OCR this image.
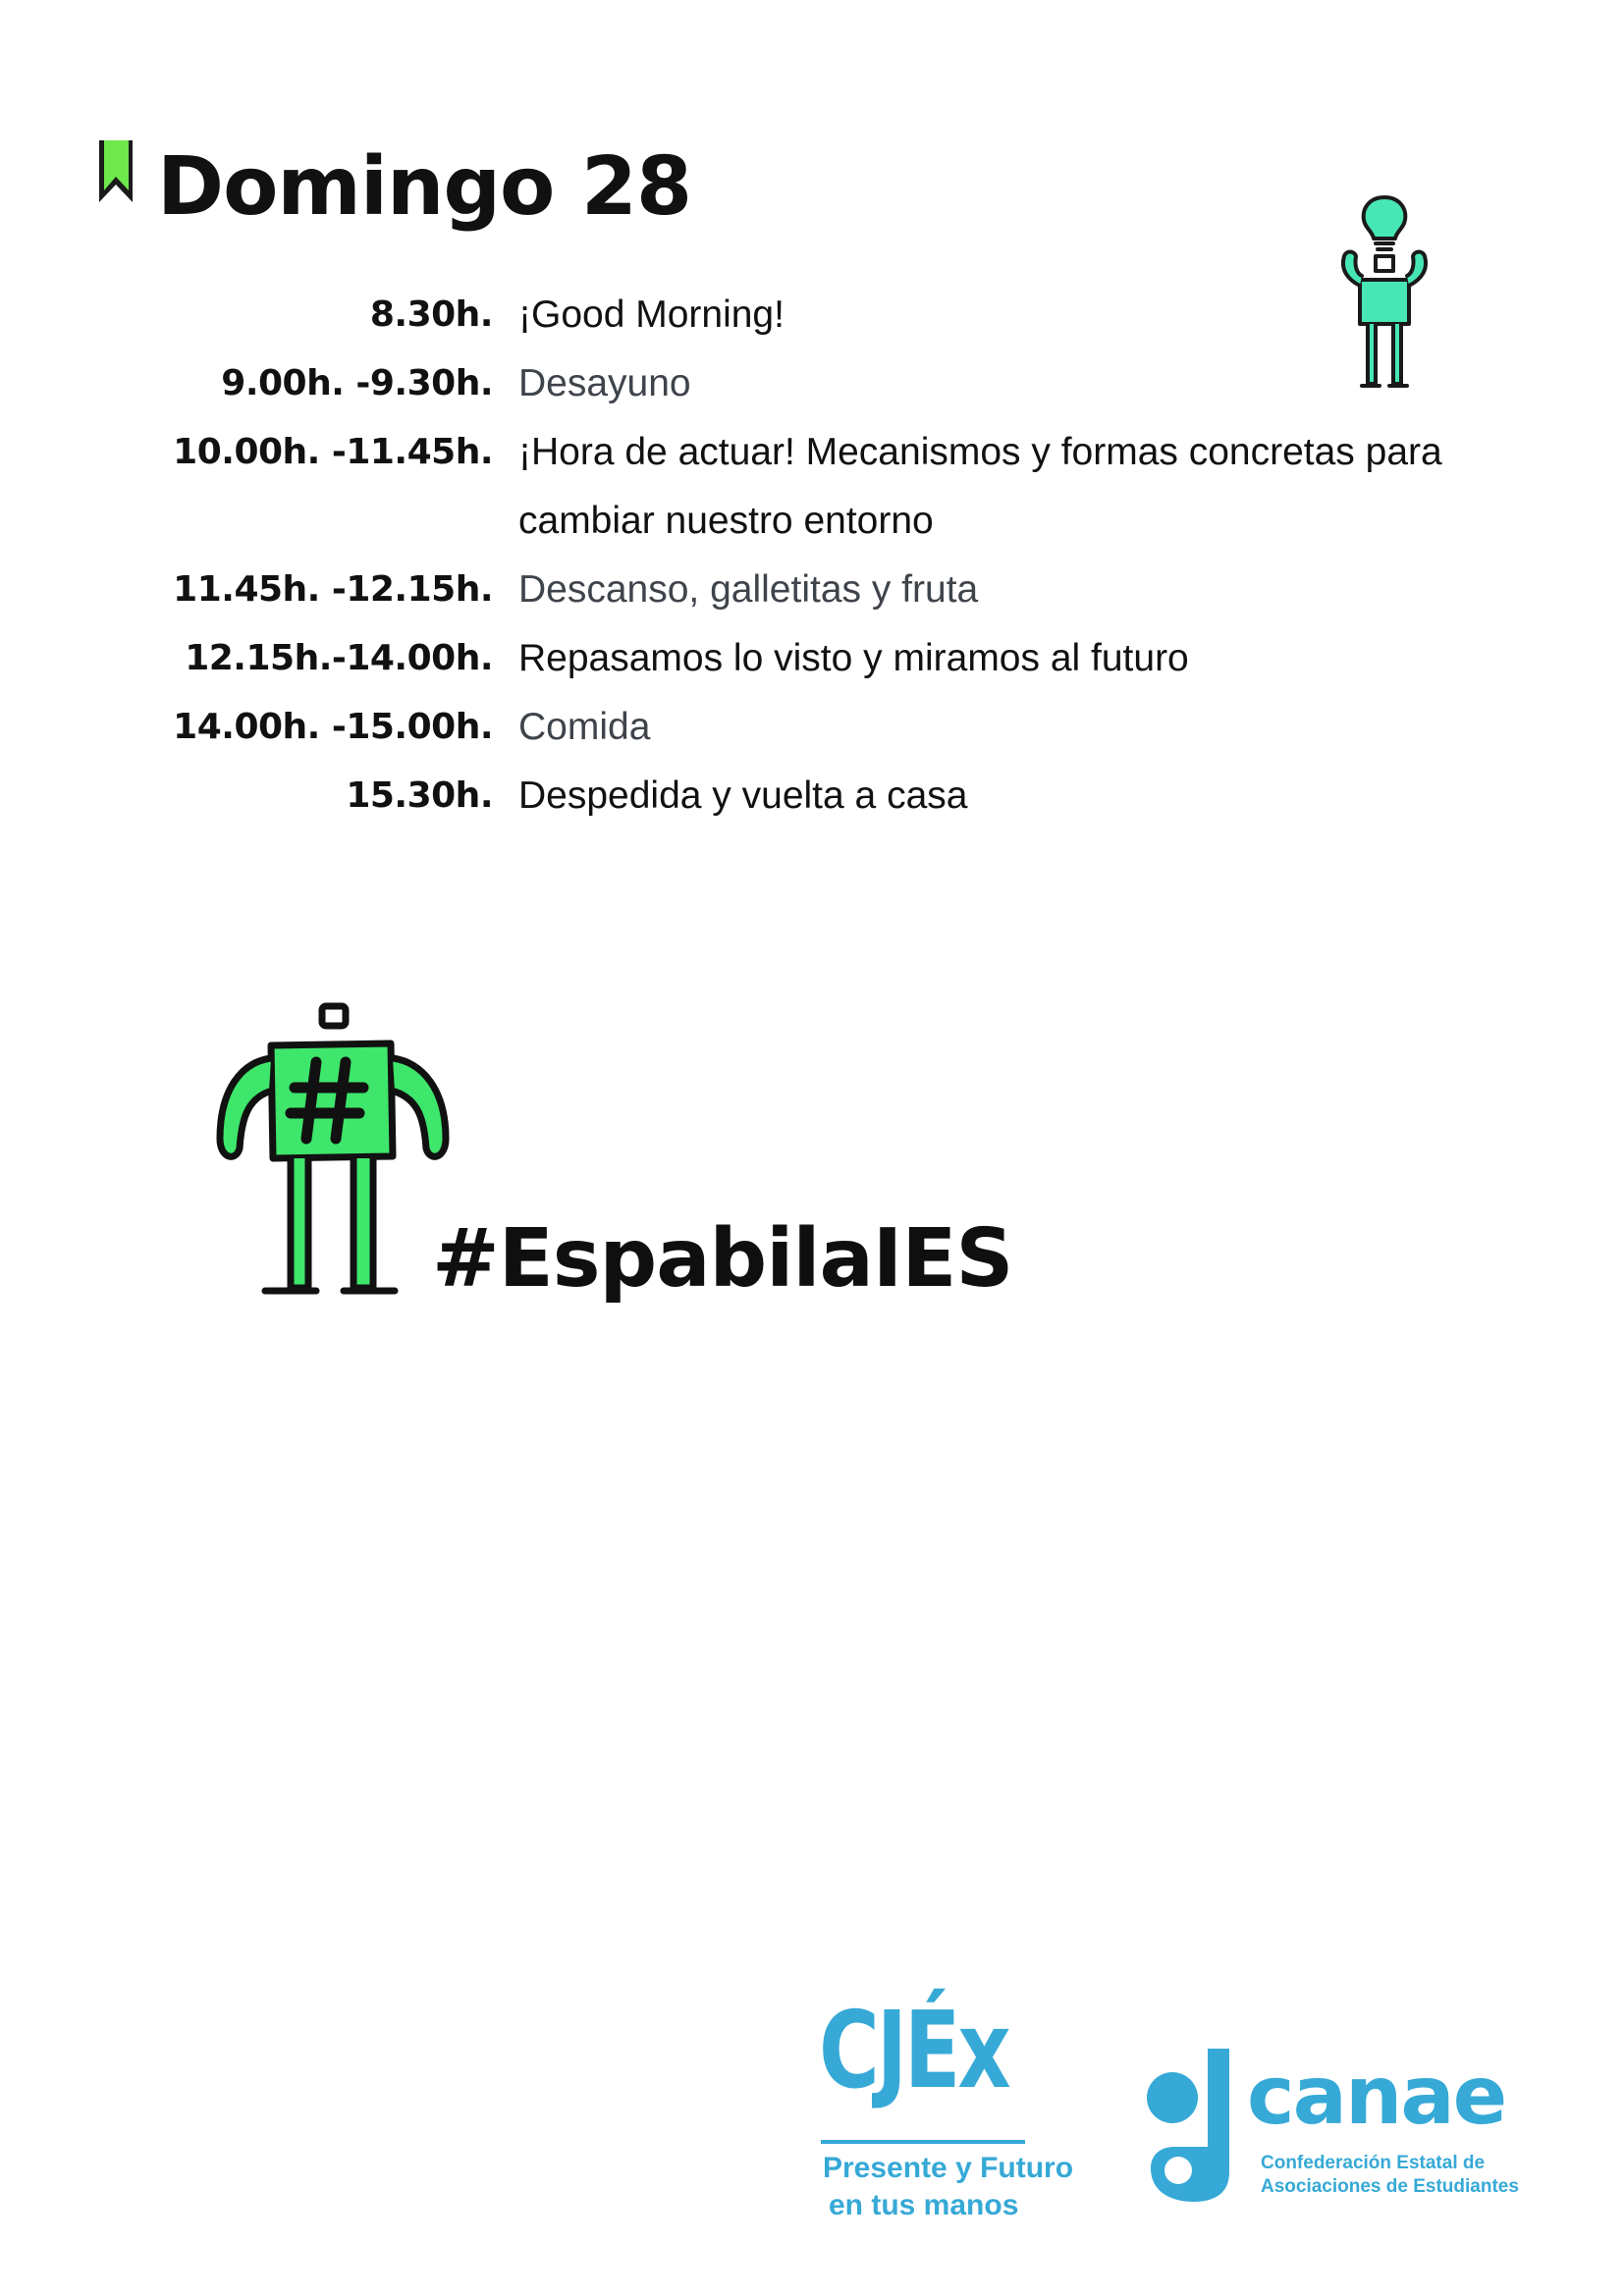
Domingo 28
8.30h. ¡Good Morning!
9.00h. -9.30h. Desayuno
10.00h. -11.45h. ¡Hora de actuar! Mecanismos y formas concretas para cambiar nuestro entorno
11.45h. -12.15h. Descanso, galletitas y fruta
12.15h.-14.00h. Repasamos lo visto y miramos al futuro
14.00h. -15.00h. Comida
15.30h. Despedida y vuelta a casa
#EspabilaIES
CJÉx
Presente y Futuro
en tus manos
canae
Confederación Estatal de
Asociaciones de Estudiantes
